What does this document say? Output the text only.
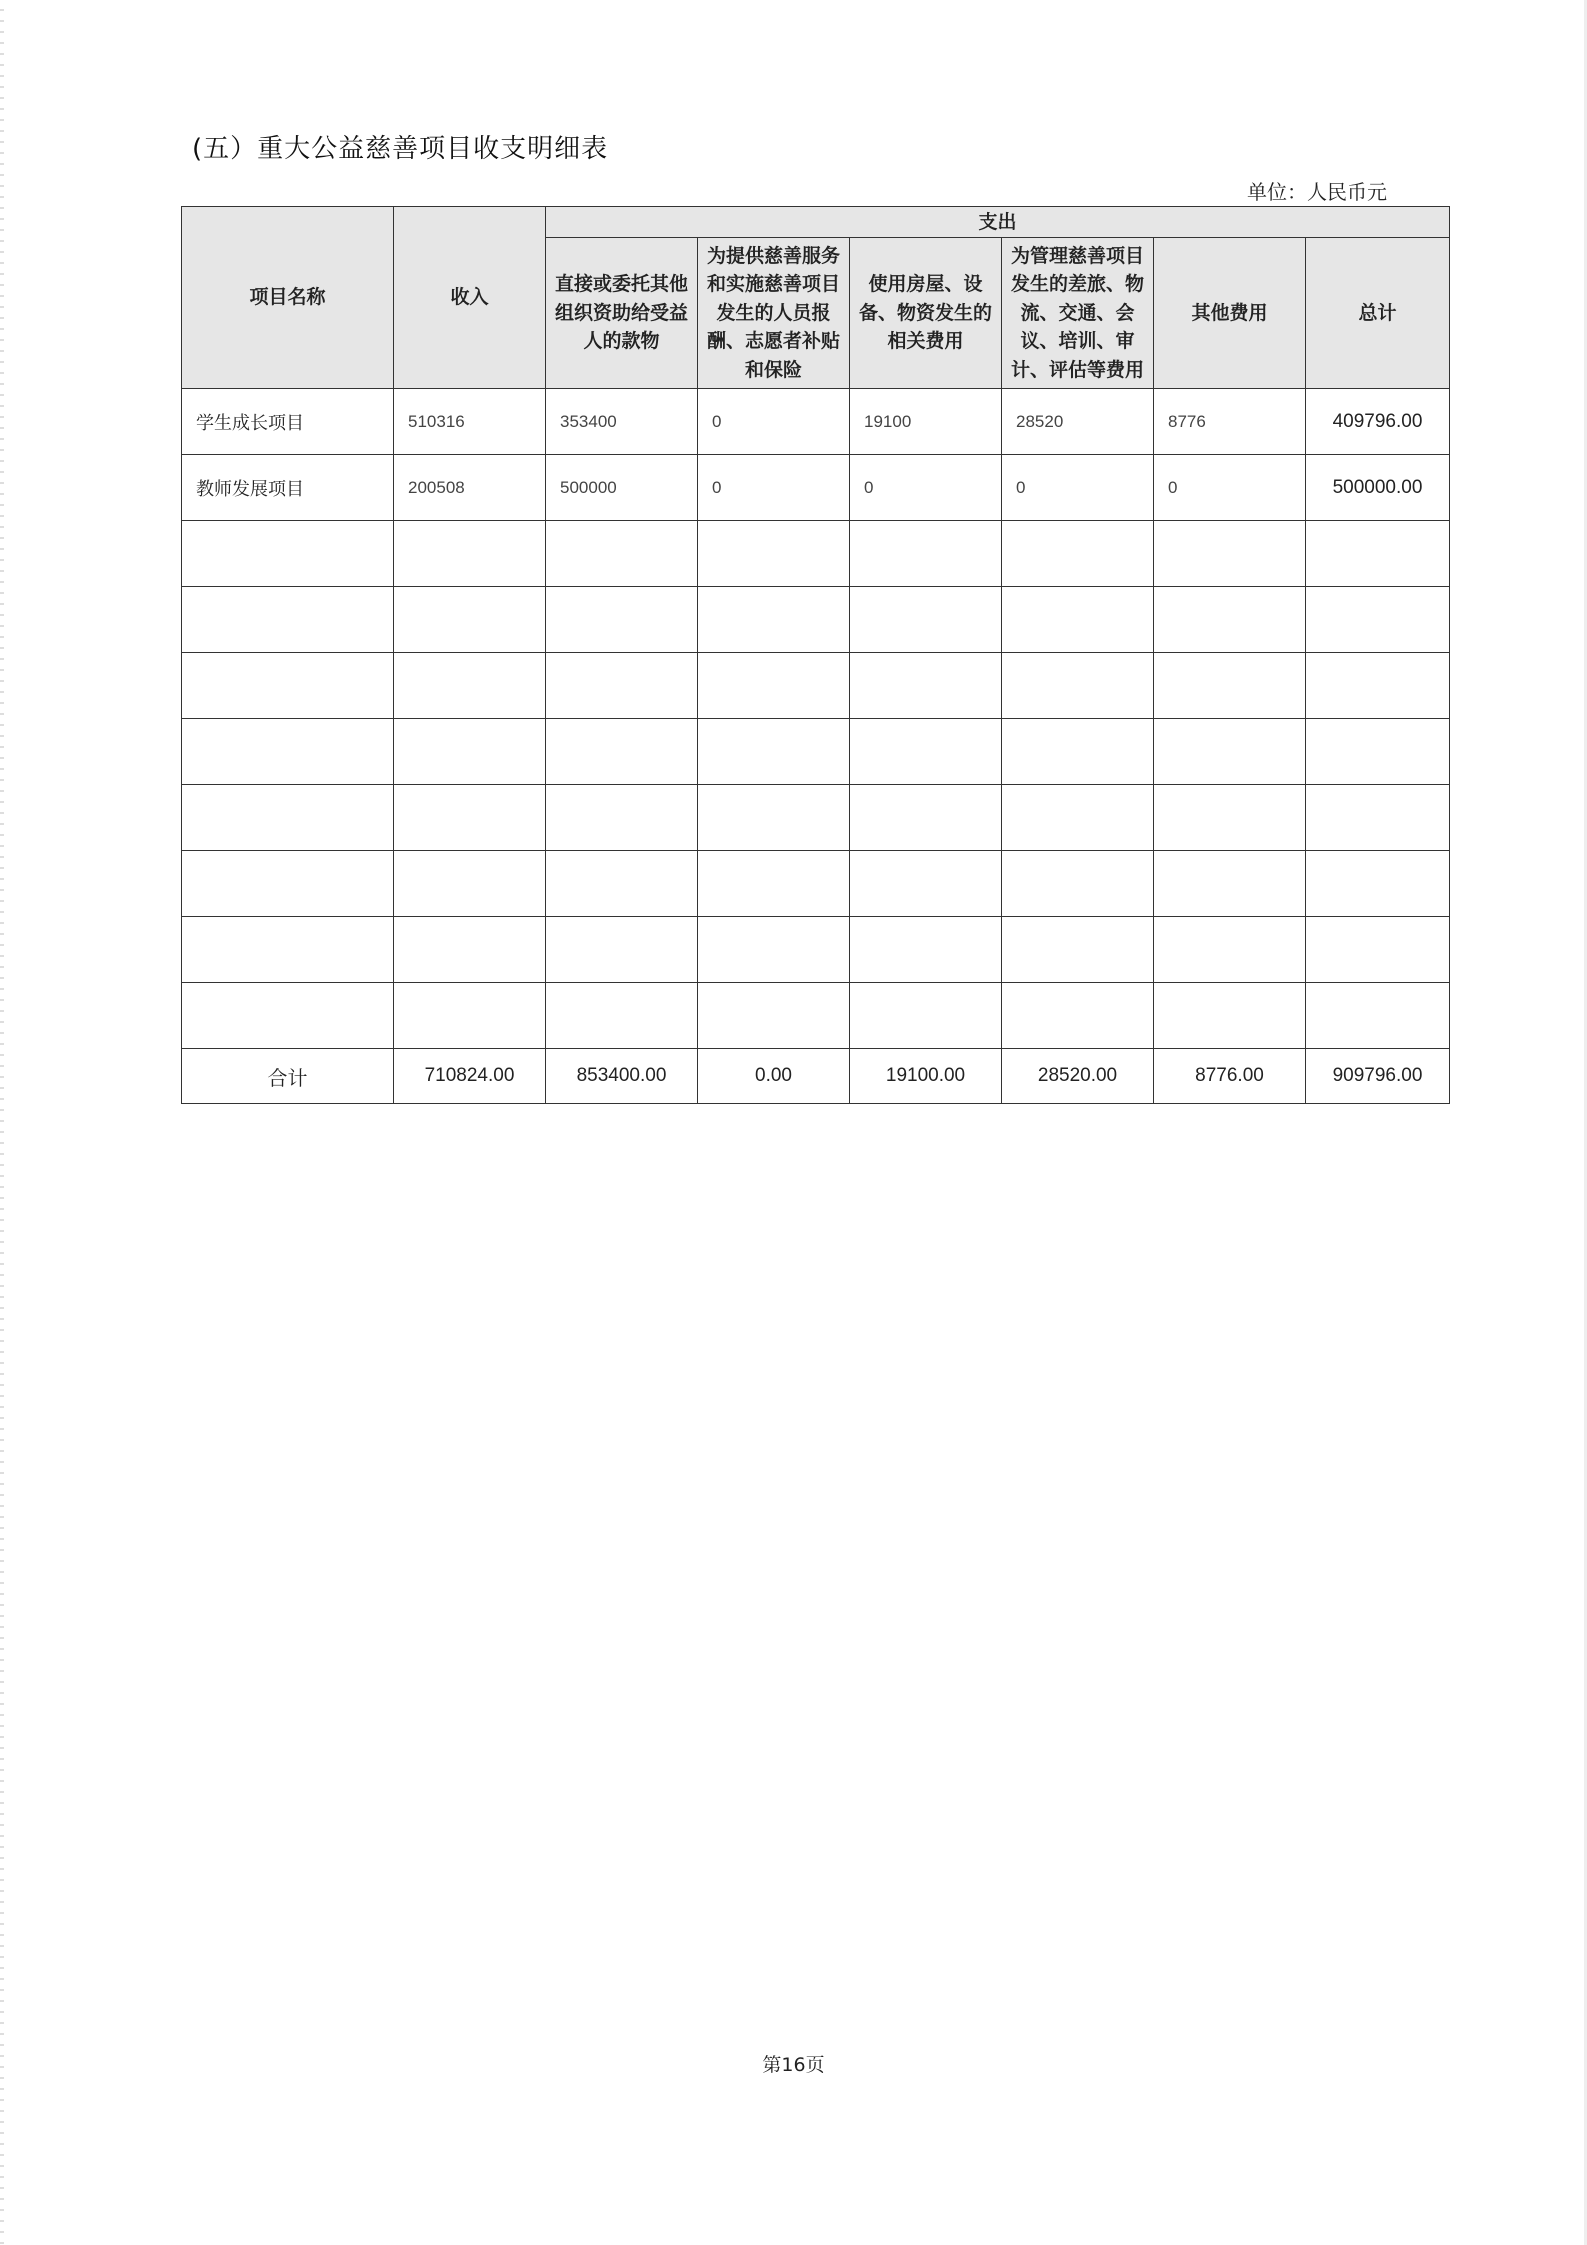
(五）重大公益慈善项目收支明细表
单位：人民币元
项目名称	收入	支出					
		直接或委托其他组织资助给受益人的款物	为提供慈善服务和实施慈善项目发生的人员报酬、志愿者补贴和保险	使用房屋、设备、物资发生的相关费用	为管理慈善项目发生的差旅、物流、交通、会议、培训、审计、评估等费用	其他费用	总计
学生成长项目	510316	353400	0	19100	28520	8776	409796.00
教师发展项目	200508	500000	0	0	0	0	500000.00

合计	710824.00	853400.00	0.00	19100.00	28520.00	8776.00	909796.00
第16页
